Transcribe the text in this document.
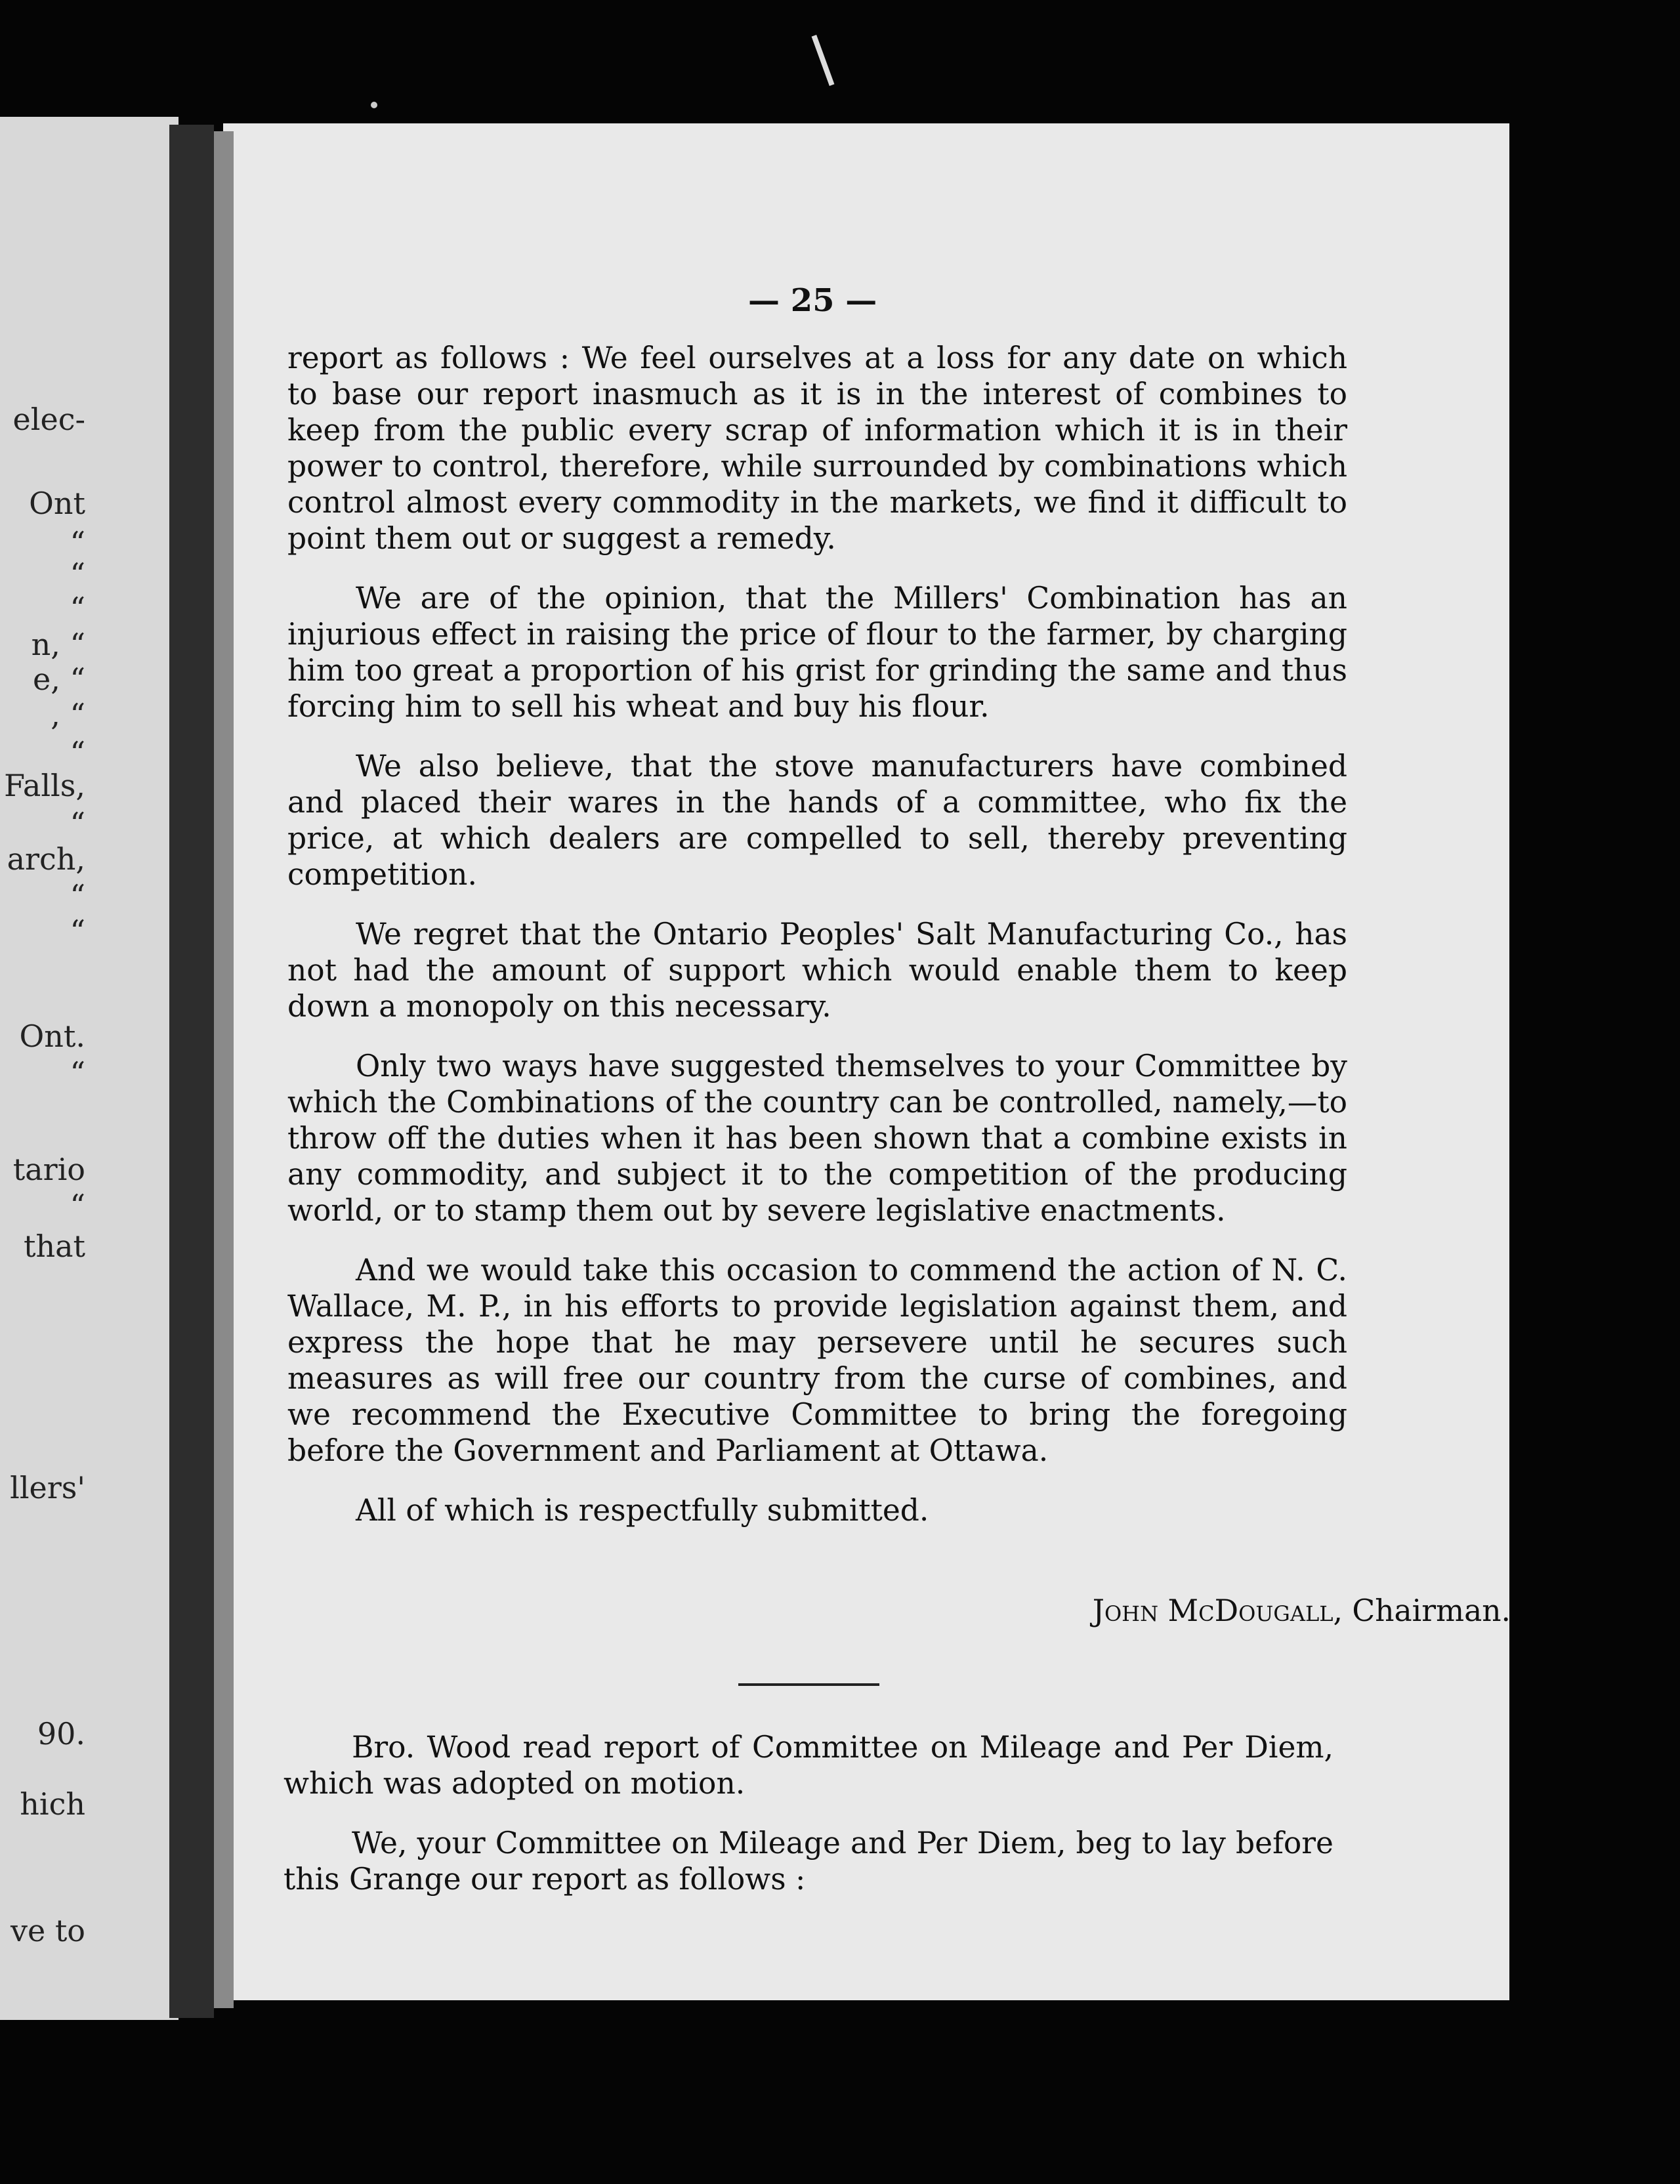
elec-
Ont
“
“
“
n, “
e, “
, “
“
Falls,
“
arch,
“
“
Ont.
“
tario
“
that
llers'
90.
hich
ve to
— 25 —

report as follows : We feel ourselves at a loss for any date on which to base our report inasmuch as it is in the interest of combines to keep from the public every scrap of information which it is in their power to control, therefore, while surrounded by combinations which control almost every commodity in the markets, we find it difficult to point them out or suggest a remedy.

We are of the opinion, that the Millers' Combination has an injurious effect in raising the price of flour to the farmer, by charging him too great a proportion of his grist for grinding the same and thus forcing him to sell his wheat and buy his flour.

We also believe, that the stove manufacturers have combined and placed their wares in the hands of a committee, who fix the price, at which dealers are compelled to sell, thereby preventing competition.

We regret that the Ontario Peoples' Salt Manufacturing Co., has not had the amount of support which would enable them to keep down a monopoly on this necessary.

Only two ways have suggested themselves to your Committee by which the Combinations of the country can be controlled, namely,—to throw off the duties when it has been shown that a combine exists in any commodity, and subject it to the competition of the producing world, or to stamp them out by severe legislative enactments.

And we would take this occasion to commend the action of N. C. Wallace, M. P., in his efforts to provide legislation against them, and express the hope that he may persevere until he secures such measures as will free our country from the curse of combines, and we recommend the Executive Committee to bring the foregoing before the Government and Parliament at Ottawa.

All of which is respectfully submitted.

John McDougall, Chairman.

Bro. Wood read report of Committee on Mileage and Per Diem, which was adopted on motion.

We, your Committee on Mileage and Per Diem, beg to lay before this Grange our report as follows :
